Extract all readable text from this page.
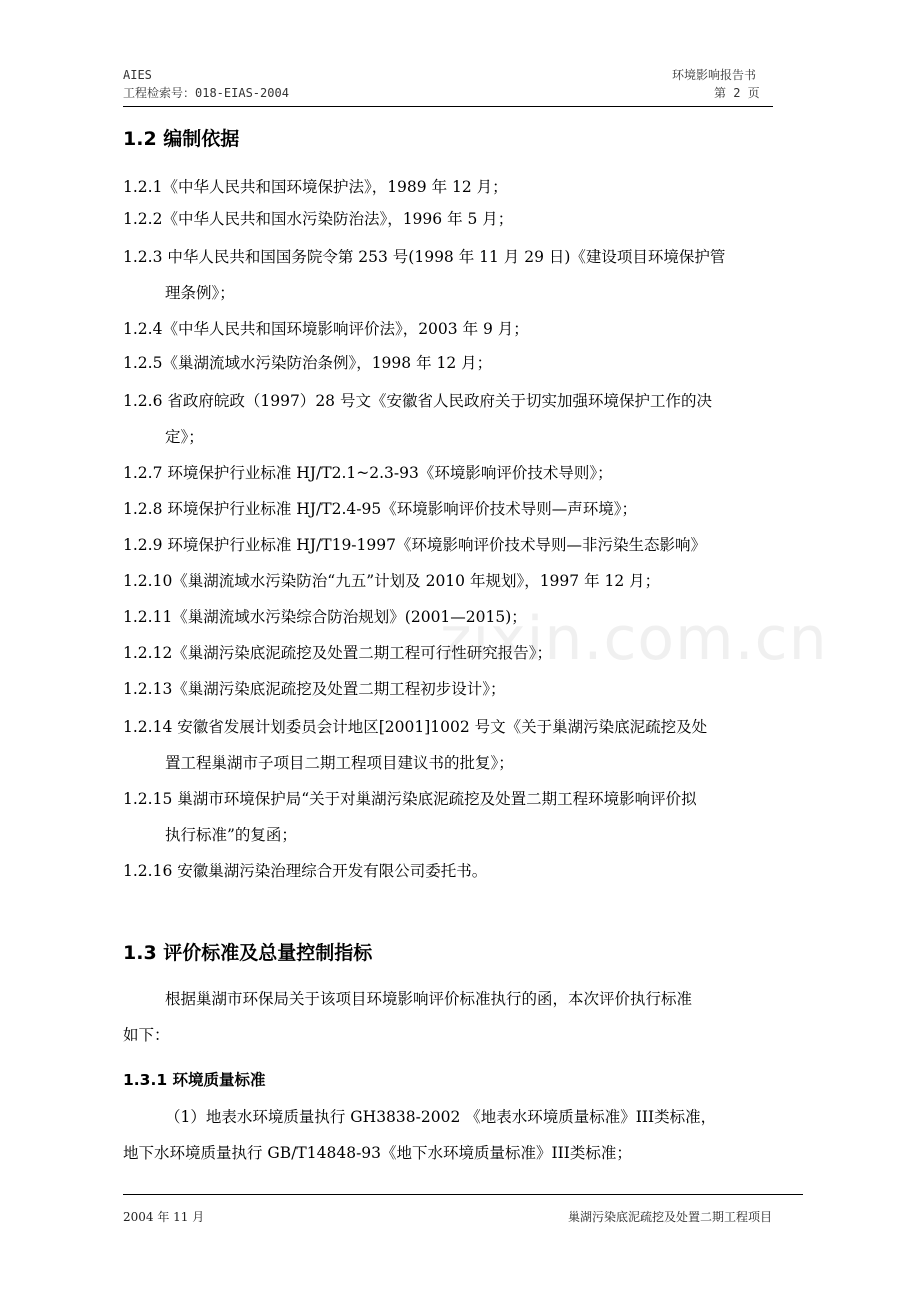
AIES
工程检索号：018-EIAS-2004
环境影响报告书
第 2 页
1.2 编制依据
1.2.1《中华人民共和国环境保护法》，1989 年 12 月；
1.2.2《中华人民共和国水污染防治法》，1996 年 5 月；
1.2.3 中华人民共和国国务院令第 253 号(1998 年 11 月 29 日)《建设项目环境保护管
理条例》；
1.2.4《中华人民共和国环境影响评价法》，2003 年 9 月；
1.2.5《巢湖流域水污染防治条例》，1998 年 12 月；
1.2.6 省政府皖政（1997）28 号文《安徽省人民政府关于切实加强环境保护工作的决
定》；
1.2.7 环境保护行业标准 HJ/T2.1~2.3-93《环境影响评价技术导则》；
1.2.8 环境保护行业标准 HJ/T2.4-95《环境影响评价技术导则—声环境》；
1.2.9 环境保护行业标准 HJ/T19-1997《环境影响评价技术导则—非污染生态影响》
1.2.10《巢湖流域水污染防治“九五”计划及 2010 年规划》，1997 年 12 月；
1.2.11《巢湖流域水污染综合防治规划》(2001—2015)；
1.2.12《巢湖污染底泥疏挖及处置二期工程可行性研究报告》；
1.2.13《巢湖污染底泥疏挖及处置二期工程初步设计》；
1.2.14 安徽省发展计划委员会计地区[2001]1002 号文《关于巢湖污染底泥疏挖及处
置工程巢湖市子项目二期工程项目建议书的批复》；
1.2.15 巢湖市环境保护局“关于对巢湖污染底泥疏挖及处置二期工程环境影响评价拟
执行标准”的复函；
1.2.16 安徽巢湖污染治理综合开发有限公司委托书。
1.3 评价标准及总量控制指标
根据巢湖市环保局关于该项目环境影响评价标准执行的函，本次评价执行标准
如下：
1.3.1 环境质量标准
（1）地表水环境质量执行 GH3838-2002 《地表水环境质量标准》III类标准，
地下水环境质量执行 GB/T14848-93《地下水环境质量标准》III类标准；
zixin.com.cn
2004 年 11 月	巢湖污染底泥疏挖及处置二期工程项目
